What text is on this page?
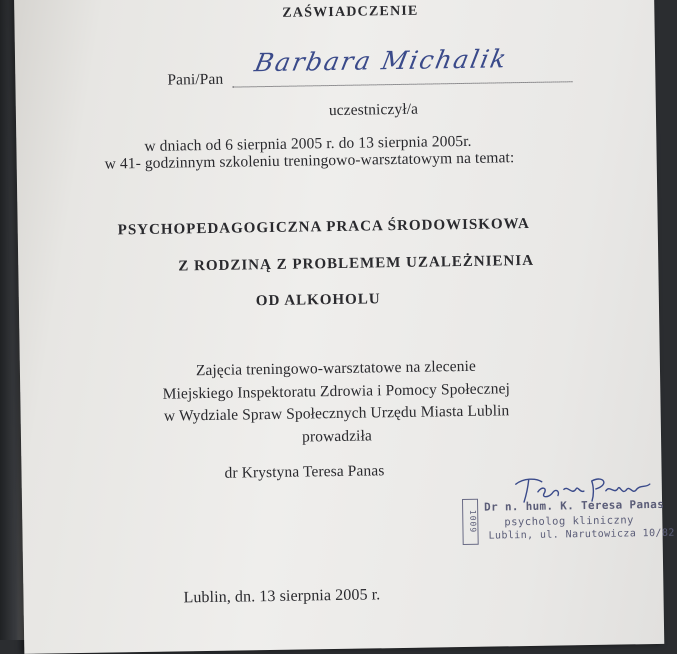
ZAŚWIADCZENIE
Pani/Pan
Barbara Michalik
uczestniczył/a
w dniach od 6 sierpnia 2005 r. do 13 sierpnia 2005r.
w 41- godzinnym szkoleniu treningowo-warsztatowym na temat:
PSYCHOPEDAGOGICZNA PRACA ŚRODOWISKOWA
Z RODZINĄ Z PROBLEMEM UZALEŻNIENIA
OD ALKOHOLU
Zajęcia treningowo-warsztatowe na zlecenie
Miejskiego Inspektoratu Zdrowia i Pomocy Społecznej
w Wydziale Spraw Społecznych Urzędu Miasta Lublin
prowadziła
dr Krystyna Teresa Panas
1009
Dr n. hum. K. Teresa Panas
psycholog kliniczny
Lublin, ul. Narutowicza 10/82
Lublin, dn. 13 sierpnia 2005 r.
